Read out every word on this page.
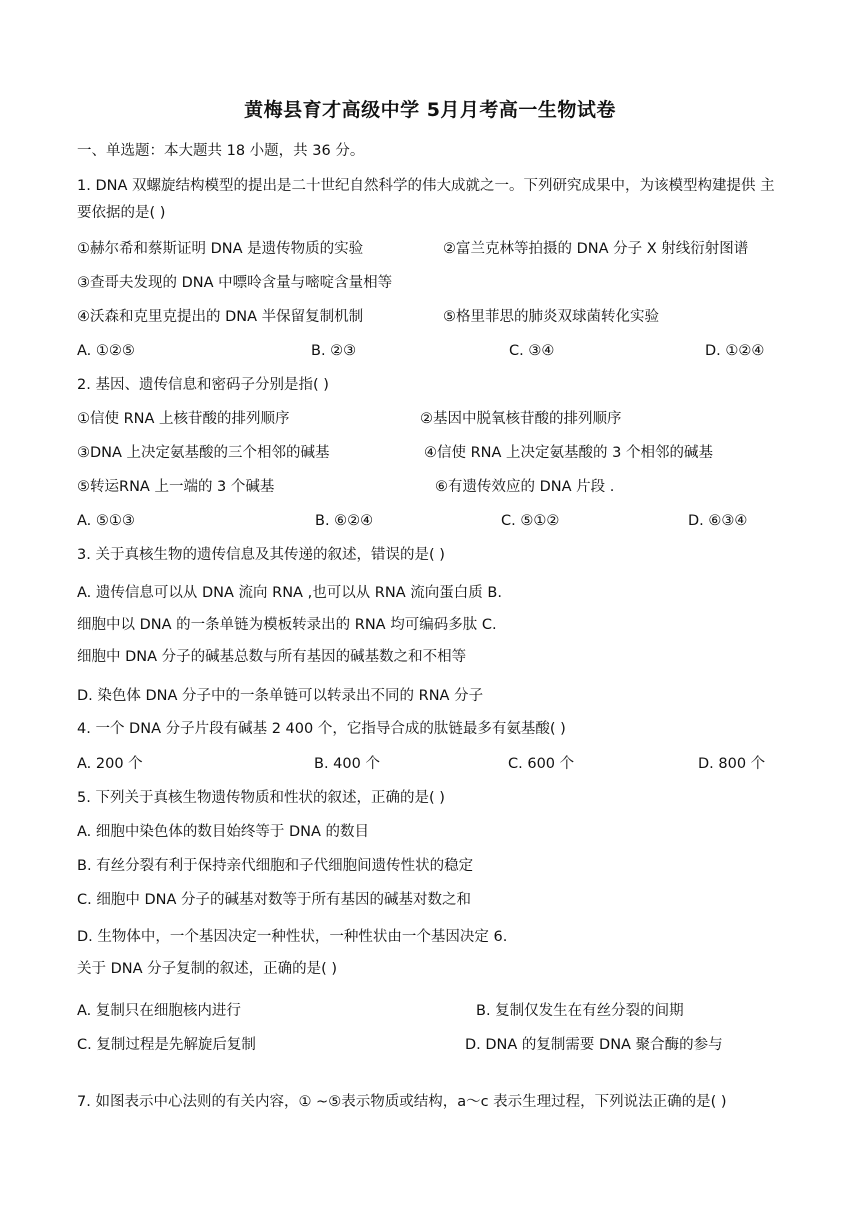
黄梅县育才高级中学 5月月考高一生物试卷
一、单选题：本大题共 18 小题，共 36 分。
1. DNA 双螺旋结构模型的提出是二十世纪自然科学的伟大成就之一。下列研究成果中，为该模型构建提供 主
要依据的是( )
①赫尔希和蔡斯证明 DNA 是遗传物质的实验	②富兰克林等拍摄的 DNA 分子 X 射线衍射图谱
③查哥夫发现的 DNA 中嘌呤含量与嘧啶含量相等
④沃森和克里克提出的 DNA 半保留复制机制	⑤格里菲思的肺炎双球菌转化实验
A. ①②⑤	B. ②③	C. ③④	D. ①②④
2. 基因、遗传信息和密码子分别是指( )
①信使 RNA 上核苷酸的排列顺序	②基因中脱氧核苷酸的排列顺序
③DNA 上决定氨基酸的三个相邻的碱基	④信使 RNA 上决定氨基酸的 3 个相邻的碱基
⑤转运RNA 上一端的 3 个碱基	⑥有遗传效应的 DNA 片段 .
A. ⑤①③	B. ⑥②④	C. ⑤①②	D. ⑥③④
3. 关于真核生物的遗传信息及其传递的叙述，错误的是( )
A. 遗传信息可以从 DNA 流向 RNA ,也可以从 RNA 流向蛋白质 B.
细胞中以 DNA 的一条单链为模板转录出的 RNA 均可编码多肽 C.
细胞中 DNA 分子的碱基总数与所有基因的碱基数之和不相等
D. 染色体 DNA 分子中的一条单链可以转录出不同的 RNA 分子
4. 一个 DNA 分子片段有碱基 2 400 个，它指导合成的肽链最多有氨基酸( )
A. 200 个	B. 400 个	C. 600 个	D. 800 个
5. 下列关于真核生物遗传物质和性状的叙述，正确的是( )
A. 细胞中染色体的数目始终等于 DNA 的数目
B. 有丝分裂有利于保持亲代细胞和子代细胞间遗传性状的稳定
C. 细胞中 DNA 分子的碱基对数等于所有基因的碱基对数之和
D. 生物体中，一个基因决定一种性状，一种性状由一个基因决定 6.
关于 DNA 分子复制的叙述，正确的是( )
A. 复制只在细胞核内进行	B. 复制仅发生在有丝分裂的间期
C. 复制过程是先解旋后复制	D. DNA 的复制需要 DNA 聚合酶的参与
7. 如图表示中心法则的有关内容，① ~⑤表示物质或结构，a～c 表示生理过程，下列说法正确的是( )
